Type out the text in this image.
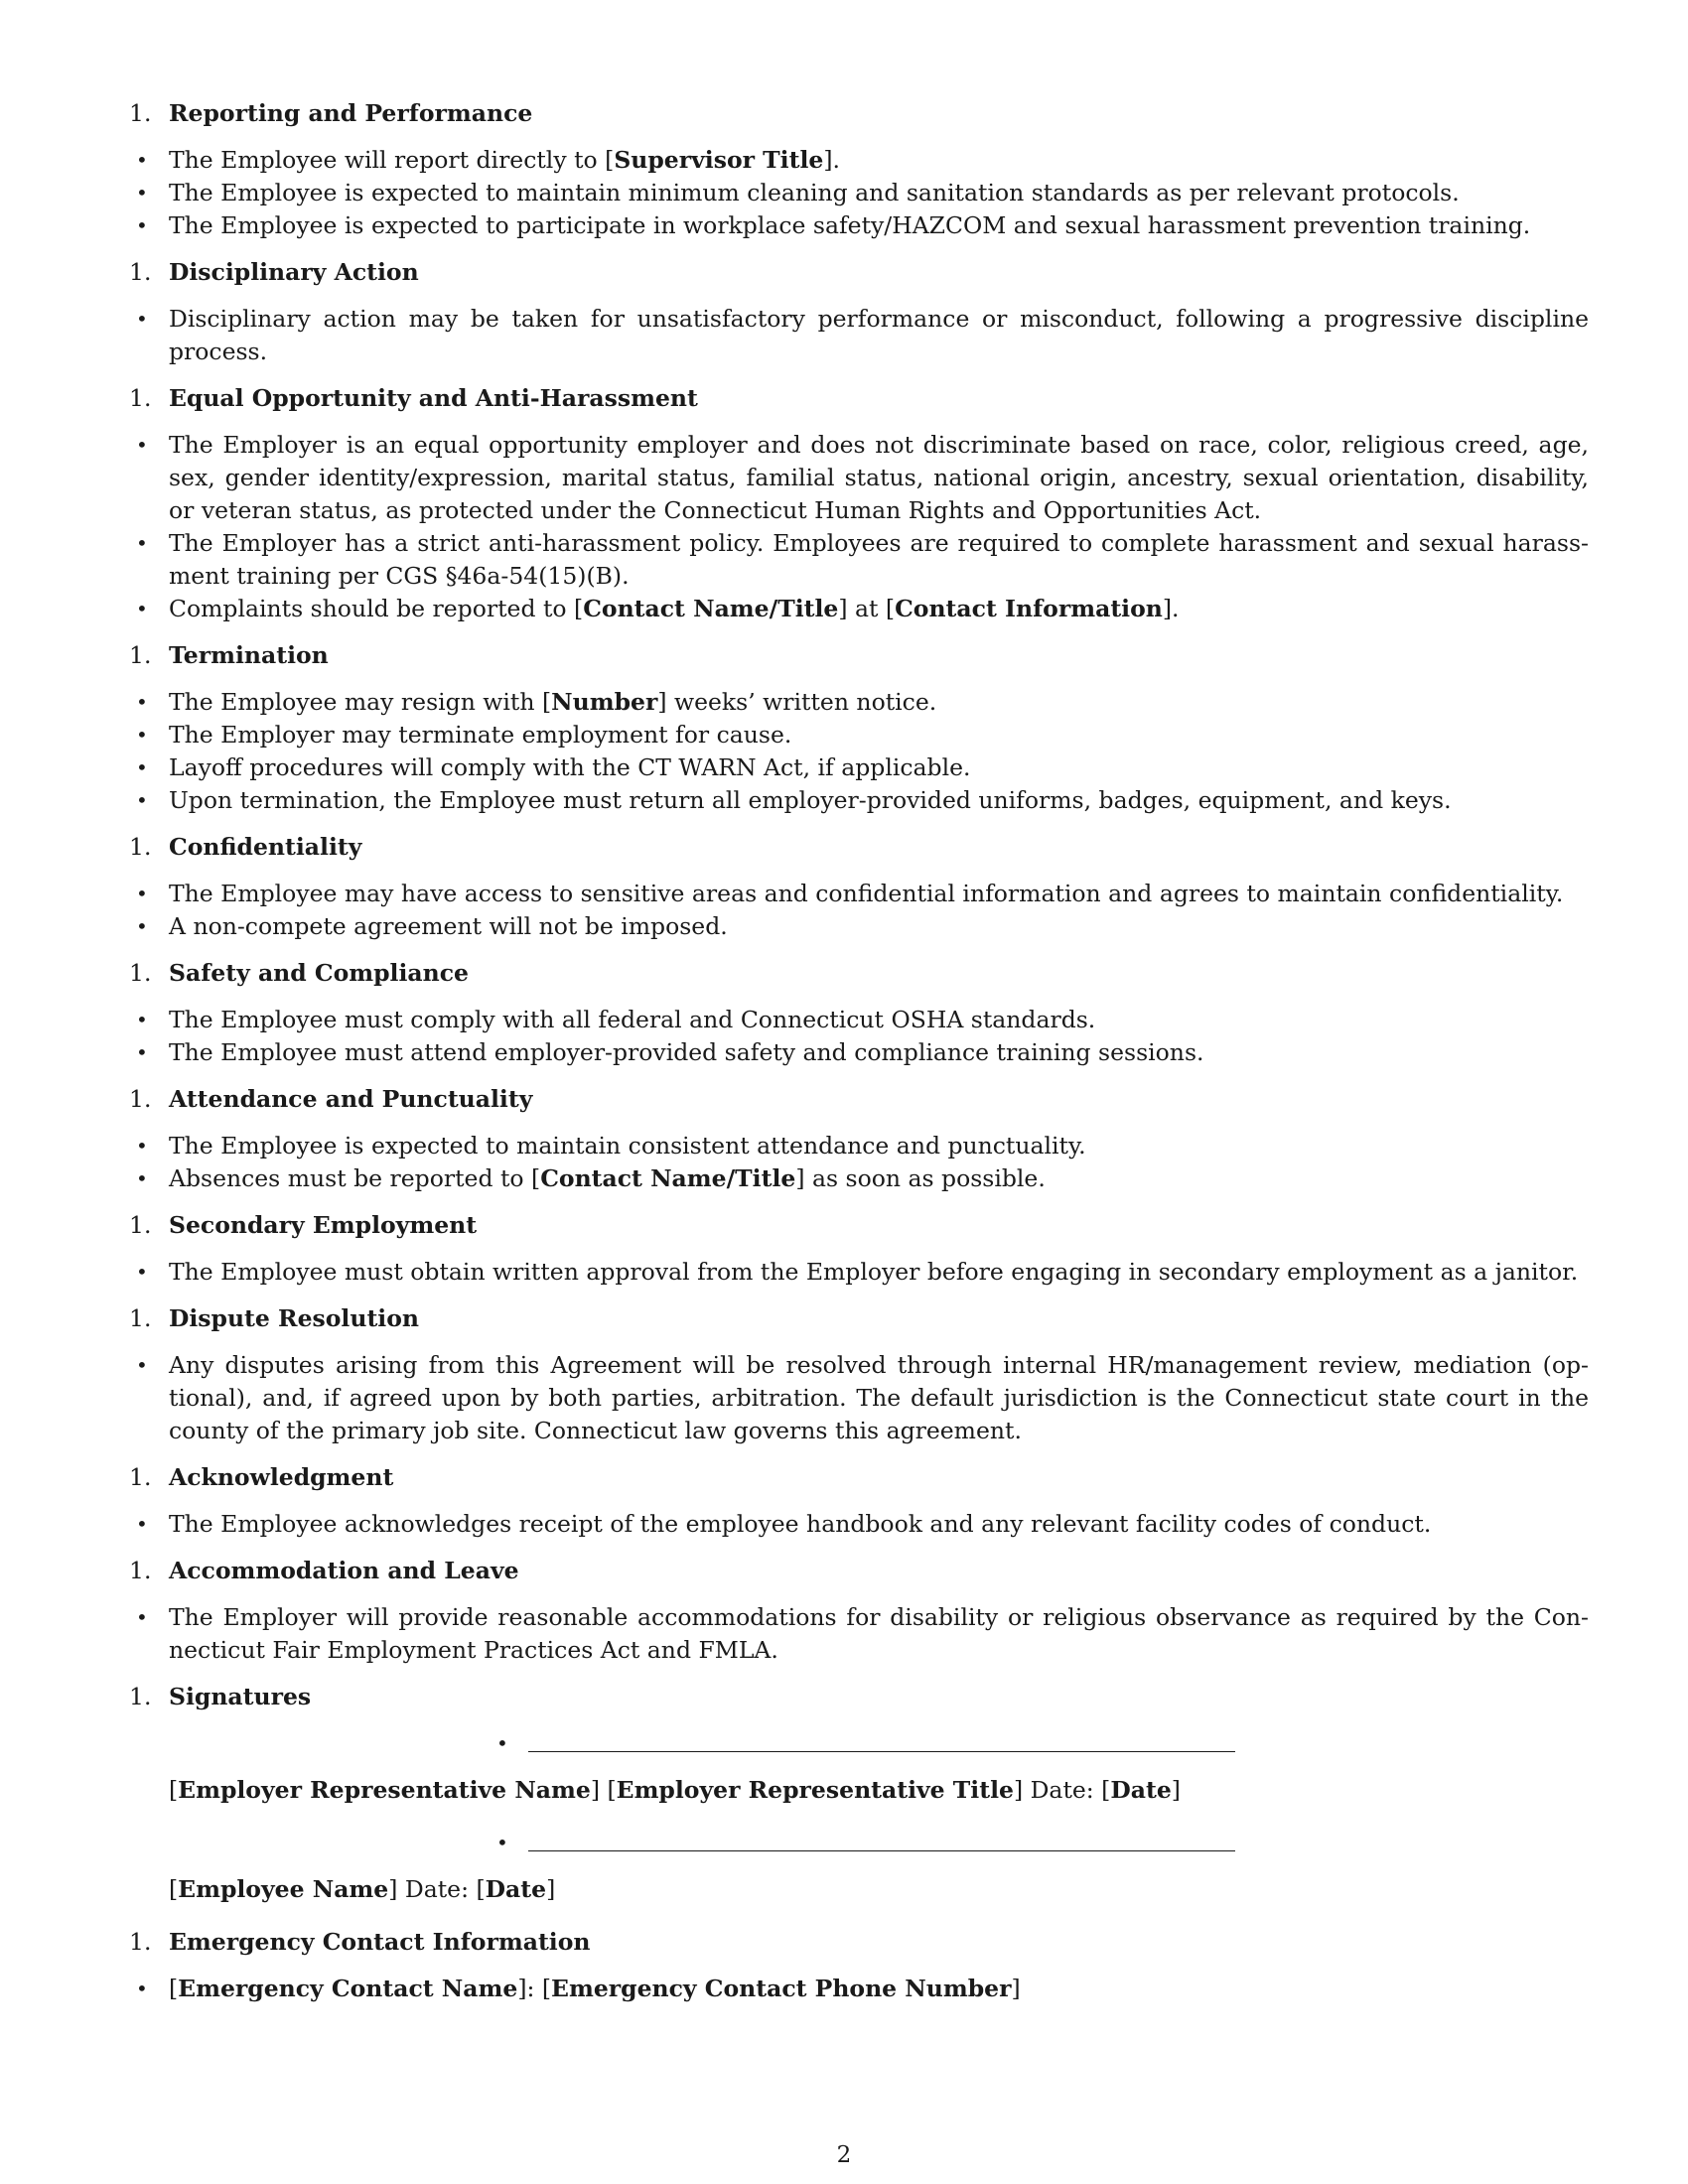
1. Reporting and Performance
• The Employee will report directly to [Supervisor Title].
• The Employee is expected to maintain minimum cleaning and sanitation standards as per relevant protocols.
• The Employee is expected to participate in workplace safety/HAZCOM and sexual harassment prevention training.
1. Disciplinary Action
• Disciplinary action may be taken for unsatisfactory performance or misconduct, following a progressive discipline process.
1. Equal Opportunity and Anti-Harassment
• The Employer is an equal opportunity employer and does not discriminate based on race, color, religious creed, age, sex, gender identity/expression, marital status, familial status, national origin, ancestry, sexual orientation, disability, or veteran status, as protected under the Connecticut Human Rights and Opportunities Act.
• The Employer has a strict anti-harassment policy. Employees are required to complete harassment and sexual harassment training per CGS §46a-54(15)(B).
• Complaints should be reported to [Contact Name/Title] at [Contact Information].
1. Termination
• The Employee may resign with [Number] weeks’ written notice.
• The Employer may terminate employment for cause.
• Layoff procedures will comply with the CT WARN Act, if applicable.
• Upon termination, the Employee must return all employer-provided uniforms, badges, equipment, and keys.
1. Confidentiality
• The Employee may have access to sensitive areas and confidential information and agrees to maintain confidentiality.
• A non-compete agreement will not be imposed.
1. Safety and Compliance
• The Employee must comply with all federal and Connecticut OSHA standards.
• The Employee must attend employer-provided safety and compliance training sessions.
1. Attendance and Punctuality
• The Employee is expected to maintain consistent attendance and punctuality.
• Absences must be reported to [Contact Name/Title] as soon as possible.
1. Secondary Employment
• The Employee must obtain written approval from the Employer before engaging in secondary employment as a janitor.
1. Dispute Resolution
• Any disputes arising from this Agreement will be resolved through internal HR/management review, mediation (optional), and, if agreed upon by both parties, arbitration. The default jurisdiction is the Connecticut state court in the county of the primary job site. Connecticut law governs this agreement.
1. Acknowledgment
• The Employee acknowledges receipt of the employee handbook and any relevant facility codes of conduct.
1. Accommodation and Leave
• The Employer will provide reasonable accommodations for disability or religious observance as required by the Connecticut Fair Employment Practices Act and FMLA.
1. Signatures
•
[Employer Representative Name] [Employer Representative Title] Date: [Date]
•
[Employee Name] Date: [Date]
1. Emergency Contact Information
• [Emergency Contact Name]: [Emergency Contact Phone Number]
2
